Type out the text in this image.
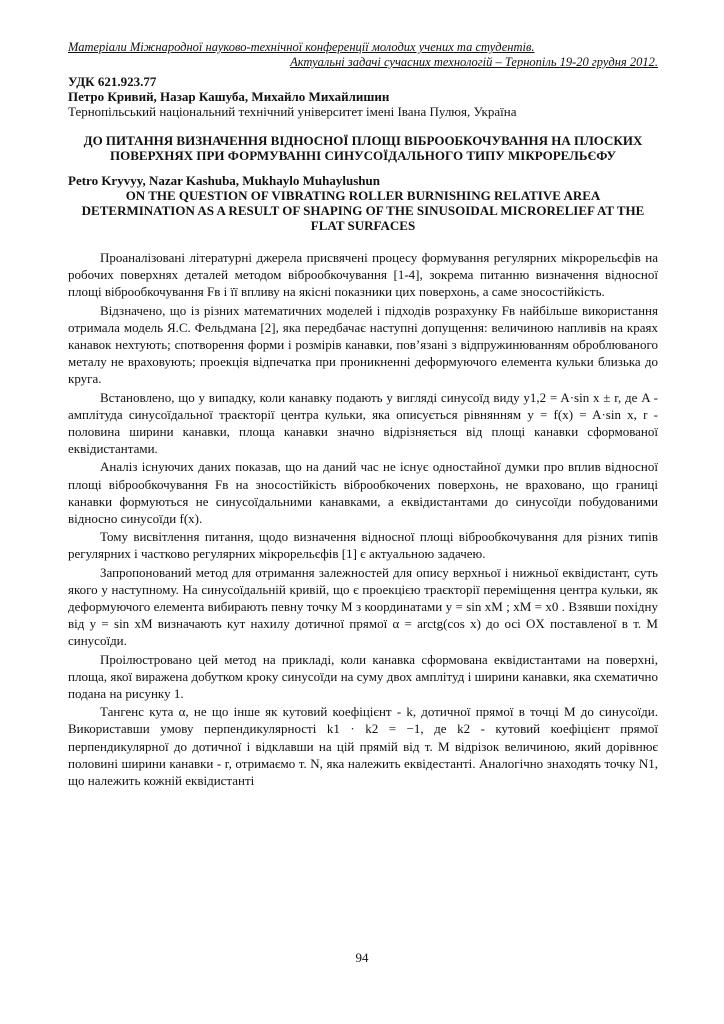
Матеріали Міжнародної науково-технічної конференції молодих учених та студентів.
Актуальні задачі сучасних технологій – Тернопіль 19-20 грудня 2012.
УДК 621.923.77
Петро Кривий, Назар Кашуба, Михайло Михайлишин
Тернопільський національний технічний університет імені Івана Пулюя, Україна
ДО ПИТАННЯ ВИЗНАЧЕННЯ ВІДНОСНОЇ ПЛОЩІ ВІБРООБКОЧУВАННЯ НА ПЛОСКИХ ПОВЕРХНЯХ ПРИ ФОРМУВАННІ СИНУСОЇДАЛЬНОГО ТИПУ МІКРОРЕЛЬЄФУ
Petro Kryvyy, Nazar Kashuba, Mukhaylo Muhaylushun
ON THE QUESTION OF VIBRATING ROLLER BURNISHING RELATIVE AREA DETERMINATION AS A RESULT OF SHAPING OF THE SINUSOIDAL MICRORELIEF AT THE FLAT SURFACES

Проаналізовані літературні джерела присвячені процесу формування регулярних мікрорельєфів на робочих поверхнях деталей методом віброобкочування [1-4], зокрема питанню визначення відносної площі віброобкочування Fв і її впливу на якісні показники цих поверхонь, а саме зносостійкість.

Відзначено, що із різних математичних моделей і підходів розрахунку Fв найбільше використання отримала модель Я.С. Фельдмана [2], яка передбачає наступні допущення: величиною напливів на краях канавок нехтують; спотворення форми і розмірів канавки, пов’язані з відпружинюванням оброблюваного металу не враховують; проекція відпечатка при проникненні деформуючого елемента кульки близька до круга.

Встановлено, що у випадку, коли канавку подають у вигляді синусоїд виду y1,2 = A·sin x ± r, де A - амплітуда синусоїдальної траєкторії центра кульки, яка описується рівнянням y = f(x) = A·sin x, r - половина ширини канавки, площа канавки значно відрізняється від площі канавки сформованої еквідистантами.

Аналіз існуючих даних показав, що на даний час не існує одностайної думки про вплив відносної площі віброобкочування Fв на зносостійкість віброобкочених поверхонь, не враховано, що границі канавки формуються не синусоїдальними канавками, а еквідистантами до синусоїди побудованими відносно синусоїди f(x).

Тому висвітлення питання, щодо визначення відносної площі віброобкочування для різних типів регулярних і частково регулярних мікрорельєфів [1] є актуальною задачею.

Запропонований метод для отримання залежностей для опису верхньої і нижньої еквідистант, суть якого у наступному. На синусоїдальній кривій, що є проекцією траєкторії переміщення центра кульки, як деформуючого елемента вибирають певну точку M з координатами y = sin xM ; xM = x0 . Взявши похідну від y = sin xM визначають кут нахилу дотичної прямої α = arctg(cos x) до осі OX поставленої в т. M синусоїди.

Проілюстровано цей метод на прикладі, коли канавка сформована еквідистантами на поверхні, площа, якої виражена добутком кроку синусоїди на суму двох амплітуд і ширини канавки, яка схематично подана на рисунку 1.

Тангенс кута α, не що інше як кутовий коефіцієнт - k, дотичної прямої в точці M до синусоїди. Використавши умову перпендикулярності k1 · k2 = −1, де k2 - кутовий коефіцієнт прямої перпендикулярної до дотичної і відклавши на цій прямій від т. M відрізок величиною, який дорівнює половині ширини канавки - r, отримаємо т. N, яка належить еквідестанті. Аналогічно знаходять точку N1, що належить кожній еквідистанті

94
